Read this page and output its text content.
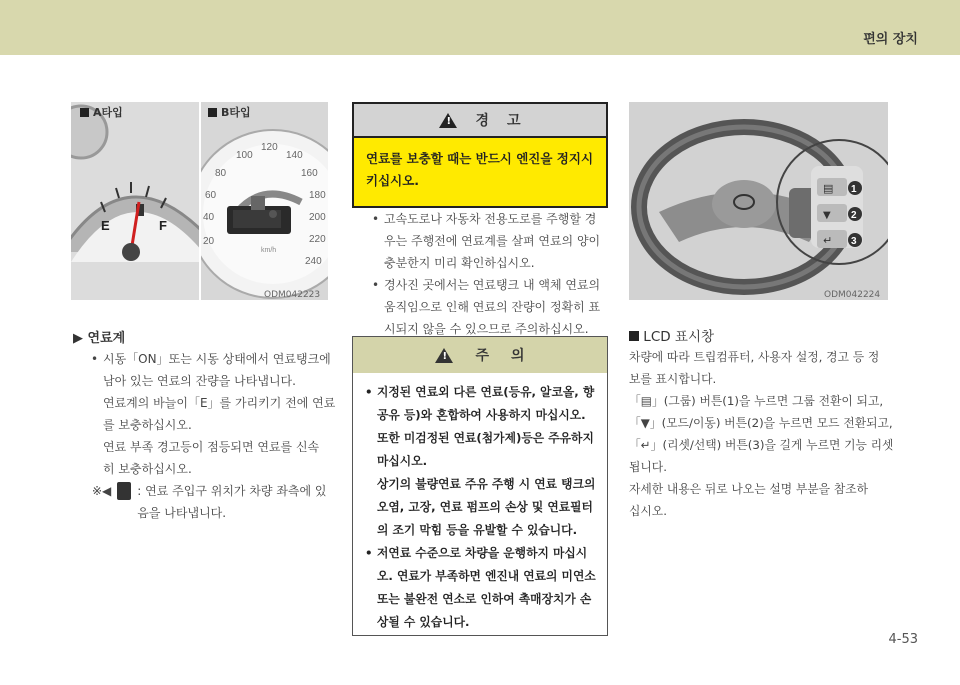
편의 장치
E	F
A타입
100
120
140
80	160
60	180
40	200
20	220
240
km/h
B타입
ODM042223
▶ 연료계
• 시동「ON」또는 시동 상태에서 연료탱크에
남아 있는 연료의 잔량을 나타냅니다.
연료계의 바늘이「E」를 가리키기 전에 연료
를 보충하십시오.
연료 부족 경고등이 점등되면 연료를 신속
히 보충하십시오.
※◀ : 연료 주입구 위치가 차량 좌측에 있
음을 나타냅니다.
! 경 고
연료를 보충할 때는 반드시 엔진을 정지시
키십시오.
• 고속도로나 자동차 전용도로를 주행할 경
우는 주행전에 연료계를 살펴 연료의 양이
충분한지 미리 확인하십시오.
• 경사진 곳에서는 연료탱크 내 액체 연료의
움직임으로 인해 연료의 잔량이 정확히 표
시되지 않을 수 있으므로 주의하십시오.
! 주 의
• 지정된 연료외 다른 연료(등유, 알코올, 향
공유 등)와 혼합하여 사용하지 마십시오.
또한 미검정된 연료(첨가제)등은 주유하지
마십시오.
상기의 불량연료 주유 주행 시 연료 탱크의
오염, 고장, 연료 펌프의 손상 및 연료필터
의 조기 막힘 등을 유발할 수 있습니다.
• 저연료 수준으로 차량을 운행하지 마십시
오. 연료가 부족하면 엔진내 연료의 미연소
또는 불완전 연소로 인하여 촉매장치가 손
상될 수 있습니다.
▤
▼
↵
1
2
3
ODM042224
LCD 표시창
차량에 따라 트립컴퓨터, 사용자 설정, 경고 등 정
보를 표시합니다.
「▤」(그룹) 버튼(1)을 누르면 그룹 전환이 되고,
「▼」(모드/이동) 버튼(2)을 누르면 모드 전환되고,
「↵」(리셋/선택) 버튼(3)을 길게 누르면 기능 리셋
됩니다.
자세한 내용은 뒤로 나오는 설명 부분을 참조하
십시오.
4-53
